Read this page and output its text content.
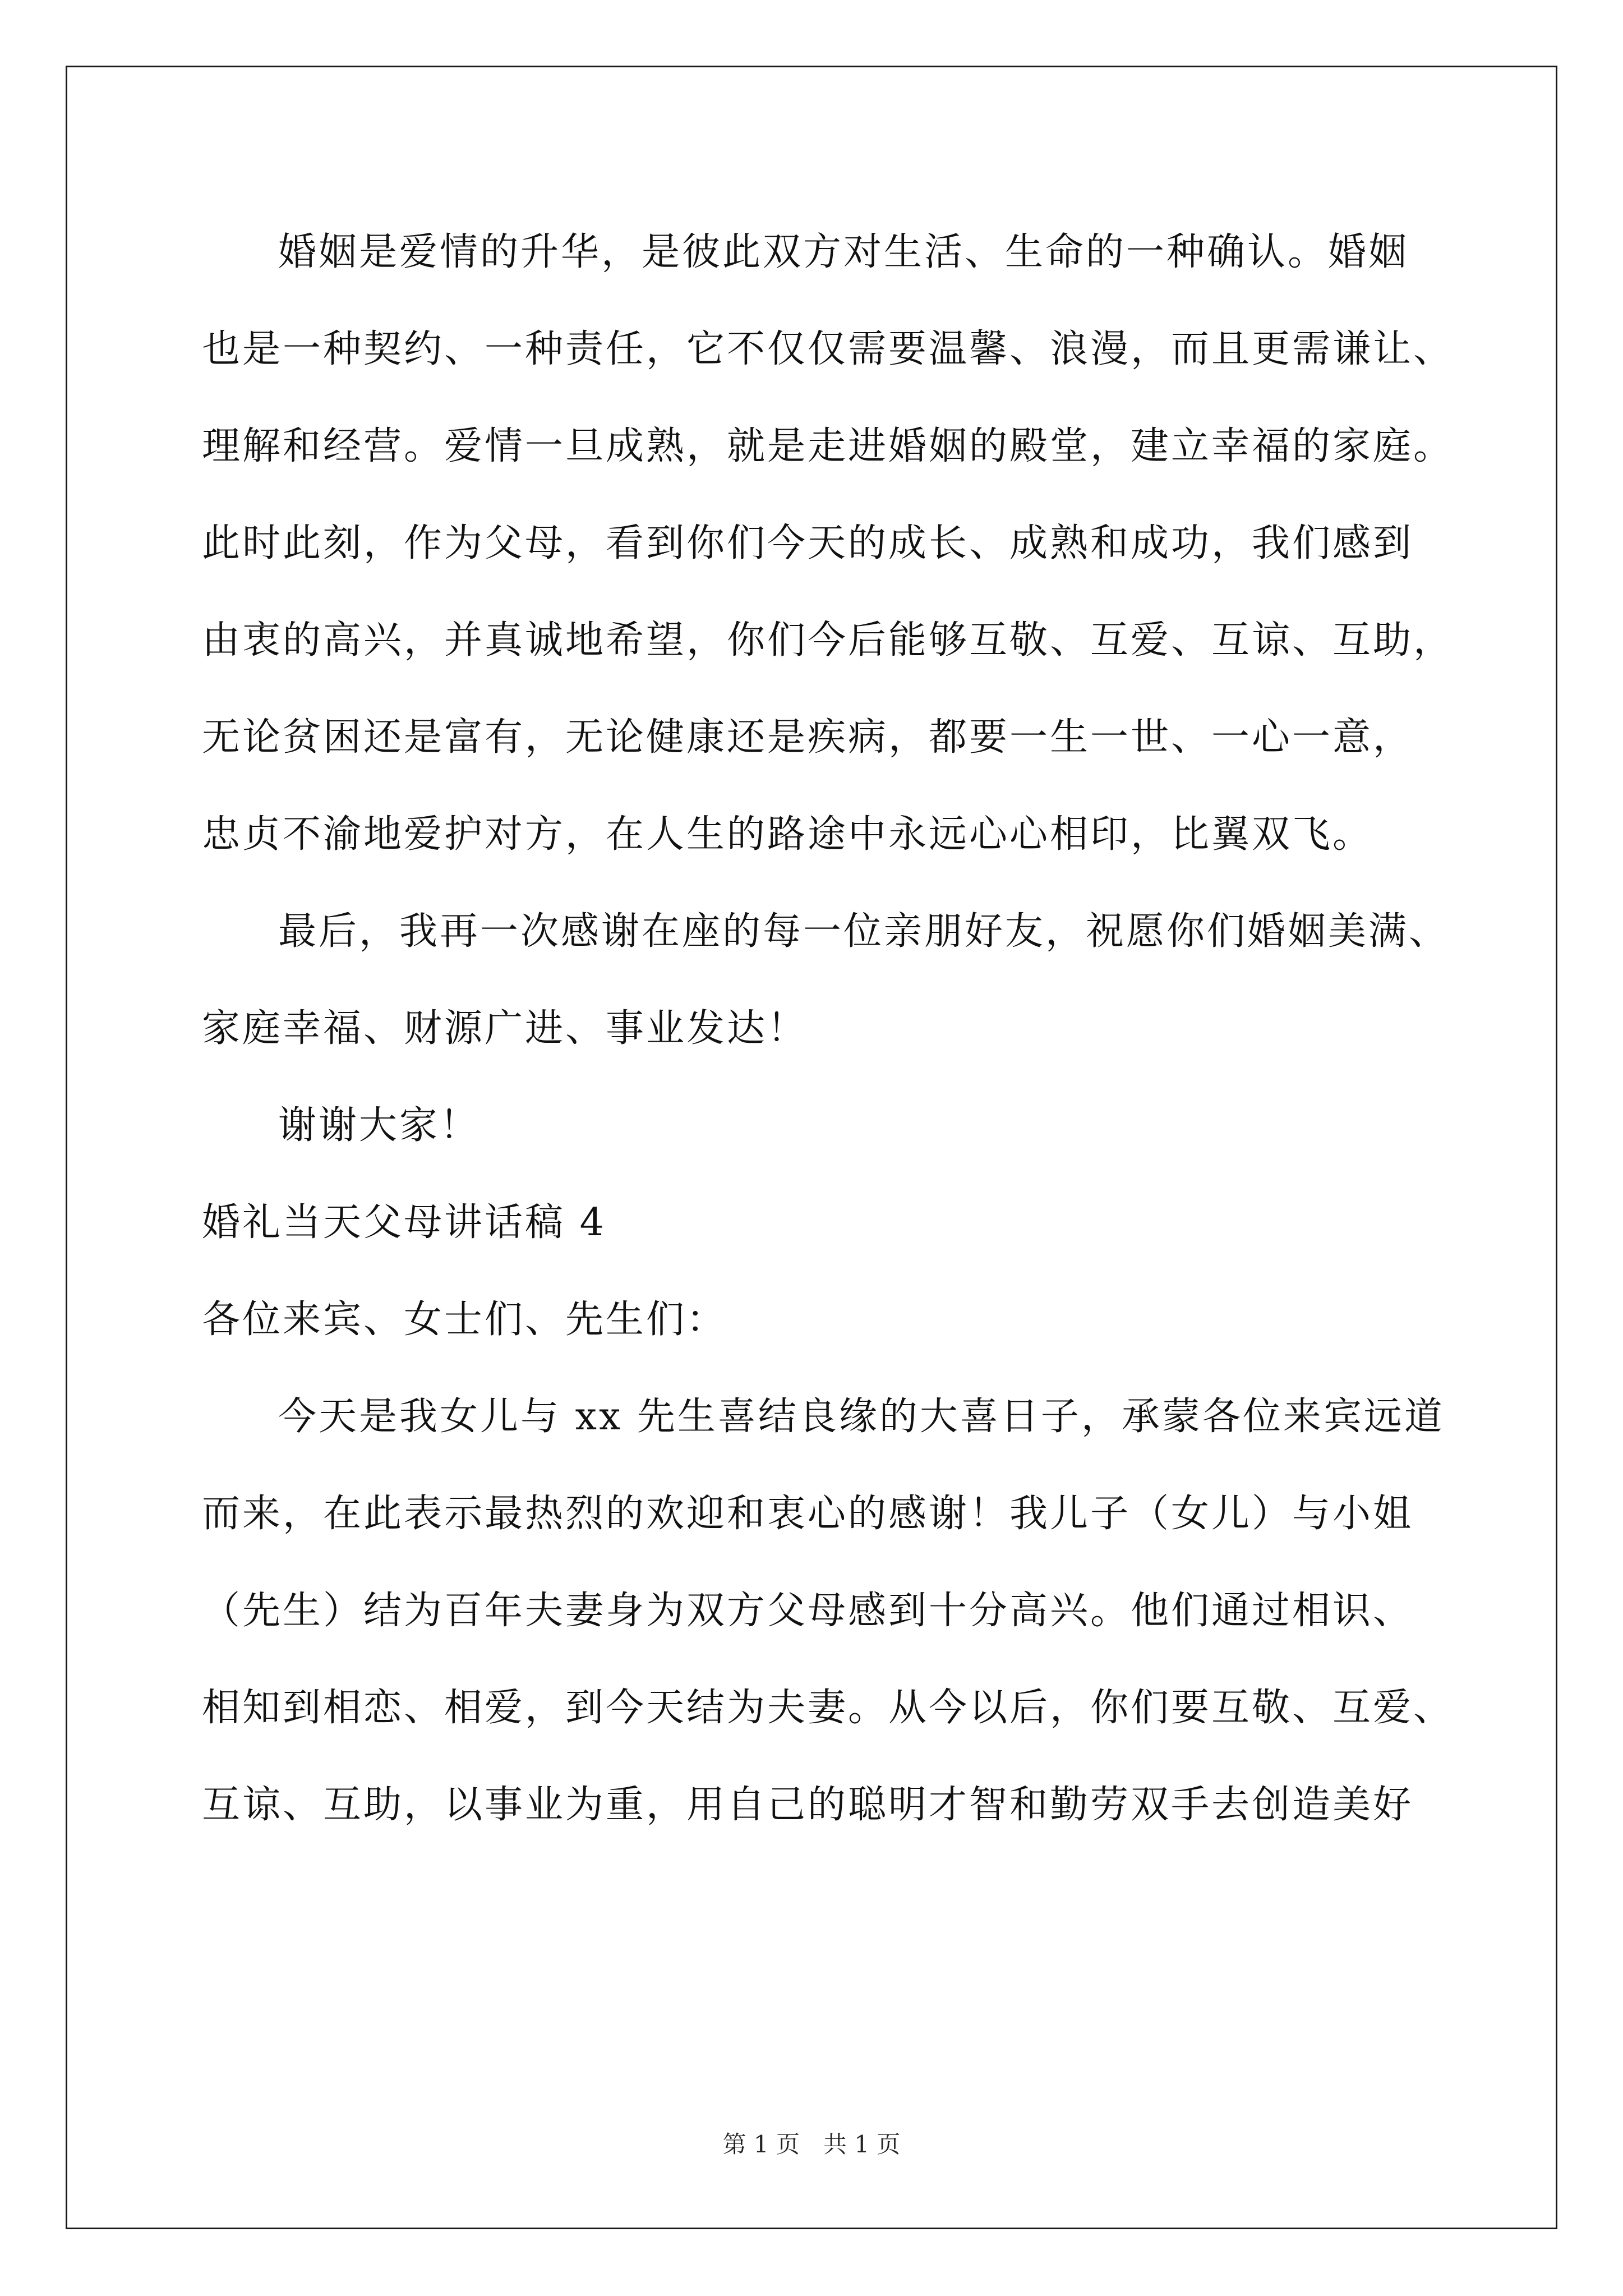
婚姻是爱情的升华，是彼此双方对生活、生命的一种确认。婚姻
也是一种契约、一种责任，它不仅仅需要温馨、浪漫，而且更需谦让、
理解和经营。爱情一旦成熟，就是走进婚姻的殿堂，建立幸福的家庭。
此时此刻，作为父母，看到你们今天的成长、成熟和成功，我们感到
由衷的高兴，并真诚地希望，你们今后能够互敬、互爱、互谅、互助，
无论贫困还是富有，无论健康还是疾病，都要一生一世、一心一意，
忠贞不渝地爱护对方，在人生的路途中永远心心相印，比翼双飞。
最后，我再一次感谢在座的每一位亲朋好友，祝愿你们婚姻美满、
家庭幸福、财源广进、事业发达！
谢谢大家！
婚礼当天父母讲话稿 4
各位来宾、女士们、先生们：
今天是我女儿与 xx 先生喜结良缘的大喜日子，承蒙各位来宾远道
而来，在此表示最热烈的欢迎和衷心的感谢！我儿子（女儿）与小姐
（先生）结为百年夫妻身为双方父母感到十分高兴。他们通过相识、
相知到相恋、相爱，到今天结为夫妻。从今以后，你们要互敬、互爱、
互谅、互助，以事业为重，用自己的聪明才智和勤劳双手去创造美好
第 1 页　共 1 页
